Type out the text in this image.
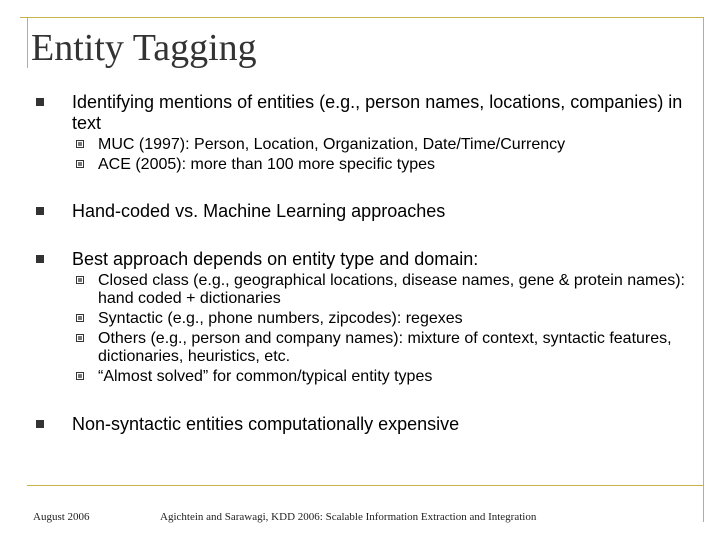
Entity Tagging
Identifying mentions of entities (e.g., person names, locations, companies) in text
MUC (1997): Person, Location, Organization, Date/Time/Currency
ACE (2005): more than 100 more specific types
Hand-coded vs. Machine Learning approaches
Best approach depends on entity type and domain:
Closed class (e.g., geographical locations, disease names, gene & protein names): hand coded + dictionaries
Syntactic (e.g., phone numbers, zipcodes): regexes
Others (e.g., person and company names): mixture of context, syntactic features, dictionaries, heuristics, etc.
“Almost solved” for common/typical entity types
Non-syntactic entities computationally expensive
August 2006	Agichtein and Sarawagi, KDD 2006: Scalable Information Extraction and Integration
